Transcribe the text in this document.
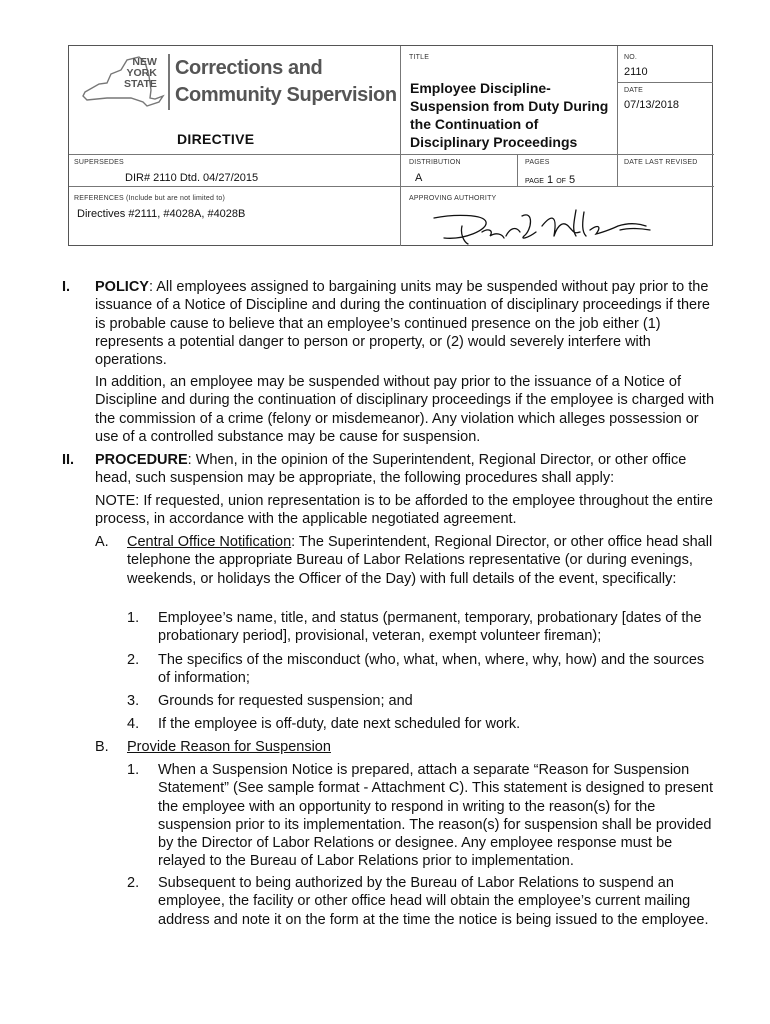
NEW
YORK
STATE
Corrections and
Community Supervision
DIRECTIVE
TITLE
Employee Discipline-Suspension from Duty During the Continuation of Disciplinary Proceedings
NO.
2110
DATE
07/13/2018
SUPERSEDES
DIR# 2110 Dtd. 04/27/2015
DISTRIBUTION
A
PAGES
PAGE 1 OF 5
DATE LAST REVISED
REFERENCES (Include but are not limited to)
Directives #2111, #4028A, #4028B
APPROVING AUTHORITY
I. POLICY: All employees assigned to bargaining units may be suspended without pay prior to the issuance of a Notice of Discipline and during the continuation of disciplinary proceedings if there is probable cause to believe that an employee’s continued presence on the job either (1) represents a potential danger to person or property, or (2) would severely interfere with operations.
In addition, an employee may be suspended without pay prior to the issuance of a Notice of Discipline and during the continuation of disciplinary proceedings if the employee is charged with the commission of a crime (felony or misdemeanor). Any violation which alleges possession or use of a controlled substance may be cause for suspension.
II. PROCEDURE: When, in the opinion of the Superintendent, Regional Director, or other office head, such suspension may be appropriate, the following procedures shall apply:
NOTE: If requested, union representation is to be afforded to the employee throughout the entire process, in accordance with the applicable negotiated agreement.
A. Central Office Notification: The Superintendent, Regional Director, or other office head shall telephone the appropriate Bureau of Labor Relations representative (or during evenings, weekends, or holidays the Officer of the Day) with full details of the event, specifically:
1. Employee’s name, title, and status (permanent, temporary, probationary [dates of the probationary period], provisional, veteran, exempt volunteer fireman);
2. The specifics of the misconduct (who, what, when, where, why, how) and the sources of information;
3. Grounds for requested suspension; and
4. If the employee is off-duty, date next scheduled for work.
B. Provide Reason for Suspension
1. When a Suspension Notice is prepared, attach a separate “Reason for Suspension Statement” (See sample format - Attachment C). This statement is designed to present the employee with an opportunity to respond in writing to the reason(s) for the suspension prior to its implementation. The reason(s) for suspension shall be provided by the Director of Labor Relations or designee. Any employee response must be relayed to the Bureau of Labor Relations prior to implementation.
2. Subsequent to being authorized by the Bureau of Labor Relations to suspend an employee, the facility or other office head will obtain the employee’s current mailing address and note it on the form at the time the notice is being issued to the employee.
